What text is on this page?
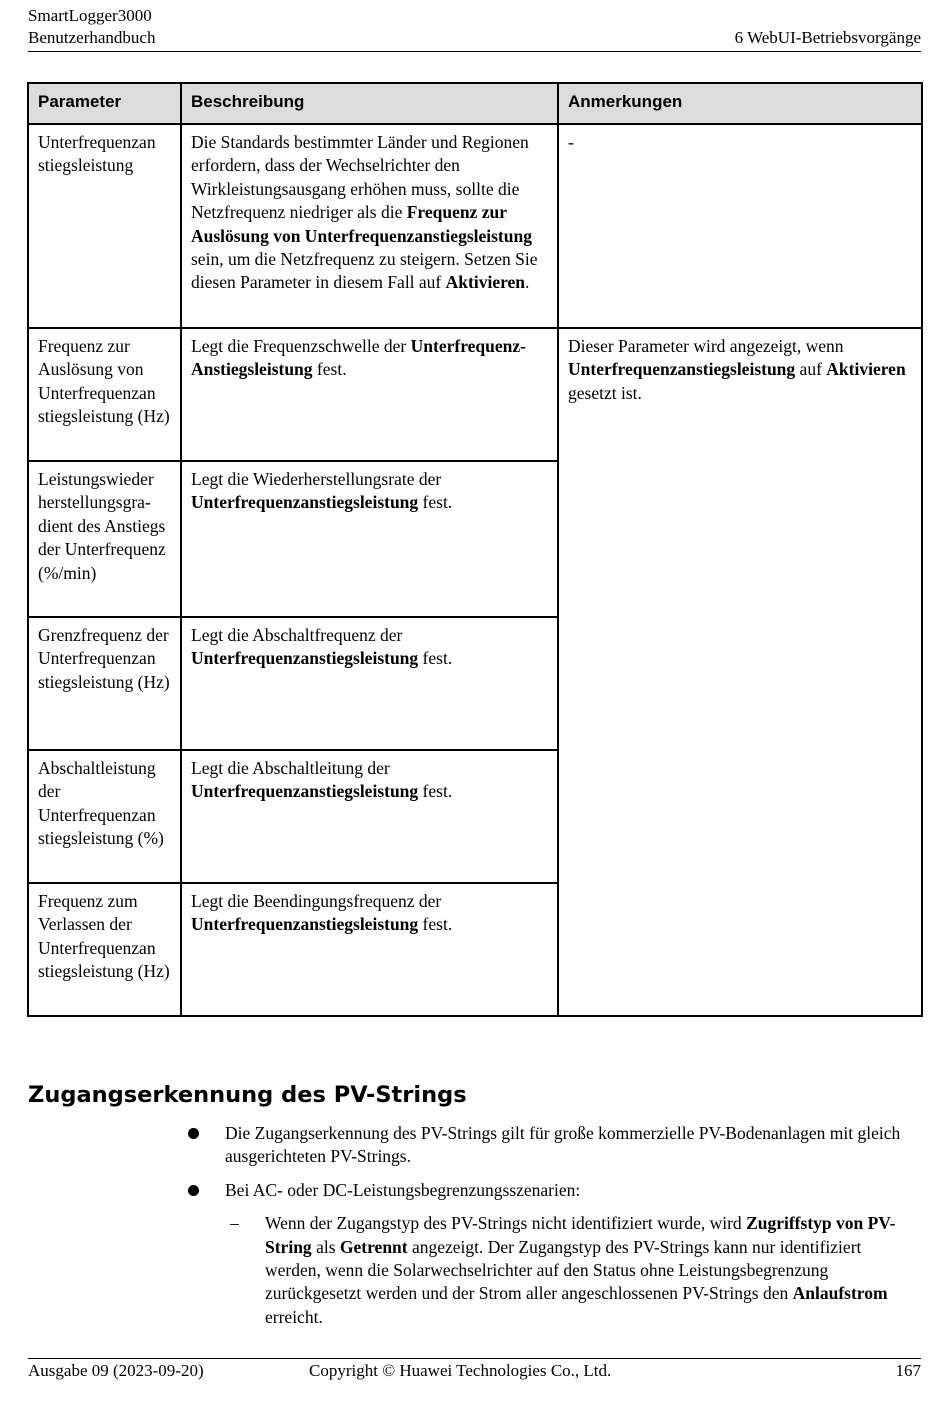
SmartLogger3000
Benutzerhandbuch	6 WebUI-Betriebsvorgänge
Parameter	Beschreibung	Anmerkungen
Unterfrequenzan stiegsleistung	Die Standards bestimmter Länder und Regionen erfordern, dass der Wechselrichter den Wirkleistungsausgang erhöhen muss, sollte die Netzfrequenz niedriger als die Frequenz zur Auslösung von Unterfrequenzanstiegsleistung sein, um die Netzfrequenz zu steigern. Setzen Sie diesen Parameter in diesem Fall auf Aktivieren.	-
Frequenz zur Auslösung von Unterfrequenzan stiegsleistung (Hz)	Legt die Frequenzschwelle der Unterfrequenz-Anstiegsleistung fest.	Dieser Parameter wird angezeigt, wenn Unterfrequenzanstiegsleistung auf Aktivieren gesetzt ist.
Leistungswieder herstellungsgra- dient des Anstiegs der Unterfrequenz (%/min)	Legt die Wiederherstellungsrate der Unterfrequenzanstiegsleistung fest.	
Grenzfrequenz der Unterfrequenzan stiegsleistung (Hz)	Legt die Abschaltfrequenz der Unterfrequenzanstiegsleistung fest.	
Abschaltleistung der Unterfrequenzan stiegsleistung (%)	Legt die Abschaltleitung der Unterfrequenzanstiegsleistung fest.	
Frequenz zum Verlassen der Unterfrequenzan stiegsleistung (Hz)	Legt die Beendingungsfrequenz der Unterfrequenzanstiegsleistung fest.	
Zugangserkennung des PV-Strings
Die Zugangserkennung des PV-Strings gilt für große kommerzielle PV-Bodenanlagen mit gleich ausgerichteten PV-Strings.
Bei AC- oder DC-Leistungsbegrenzungsszenarien:
– Wenn der Zugangstyp des PV-Strings nicht identifiziert wurde, wird Zugriffstyp von PV-String als Getrennt angezeigt. Der Zugangstyp des PV-Strings kann nur identifiziert werden, wenn die Solarwechselrichter auf den Status ohne Leistungsbegrenzung zurückgesetzt werden und der Strom aller angeschlossenen PV-Strings den Anlaufstrom erreicht.
Ausgabe 09 (2023-09-20)	Copyright © Huawei Technologies Co., Ltd.	167
